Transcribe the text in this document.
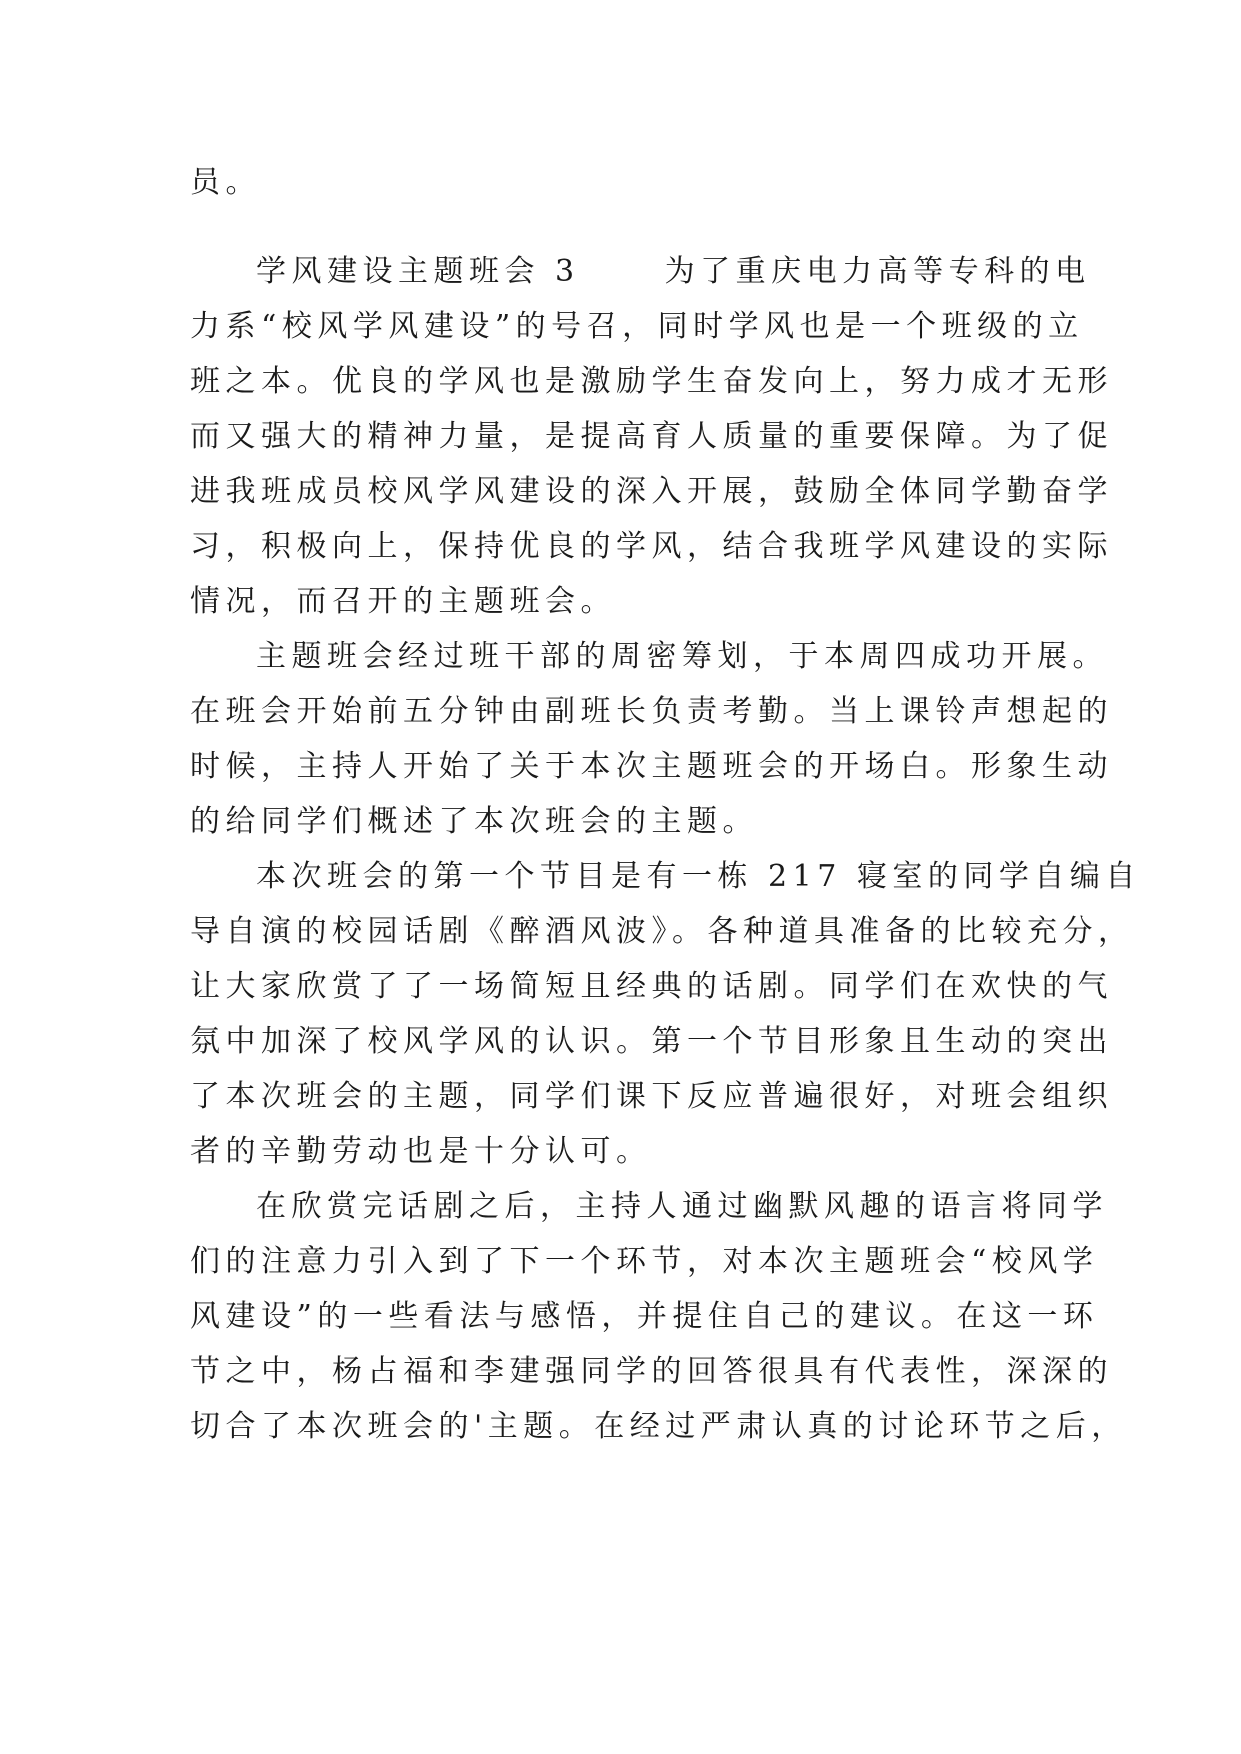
员。
学风建设主题班会 3	为了重庆电力高等专科的电
力系“校风学风建设”的号召，同时学风也是一个班级的立
班之本。优良的学风也是激励学生奋发向上，努力成才无形
而又强大的精神力量，是提高育人质量的重要保障。为了促
进我班成员校风学风建设的深入开展，鼓励全体同学勤奋学
习，积极向上，保持优良的学风，结合我班学风建设的实际
情况，而召开的主题班会。
主题班会经过班干部的周密筹划，于本周四成功开展。
在班会开始前五分钟由副班长负责考勤。当上课铃声想起的
时候，主持人开始了关于本次主题班会的开场白。形象生动
的给同学们概述了本次班会的主题。
本次班会的第一个节目是有一栋 217 寝室的同学自编自
导自演的校园话剧《醉酒风波》。各种道具准备的比较充分，
让大家欣赏了了一场简短且经典的话剧。同学们在欢快的气
氛中加深了校风学风的认识。第一个节目形象且生动的突出
了本次班会的主题，同学们课下反应普遍很好，对班会组织
者的辛勤劳动也是十分认可。
在欣赏完话剧之后，主持人通过幽默风趣的语言将同学
们的注意力引入到了下一个环节，对本次主题班会“校风学
风建设”的一些看法与感悟，并提住自己的建议。在这一环
节之中，杨占福和李建强同学的回答很具有代表性，深深的
切合了本次班会的'主题。在经过严肃认真的讨论环节之后，
